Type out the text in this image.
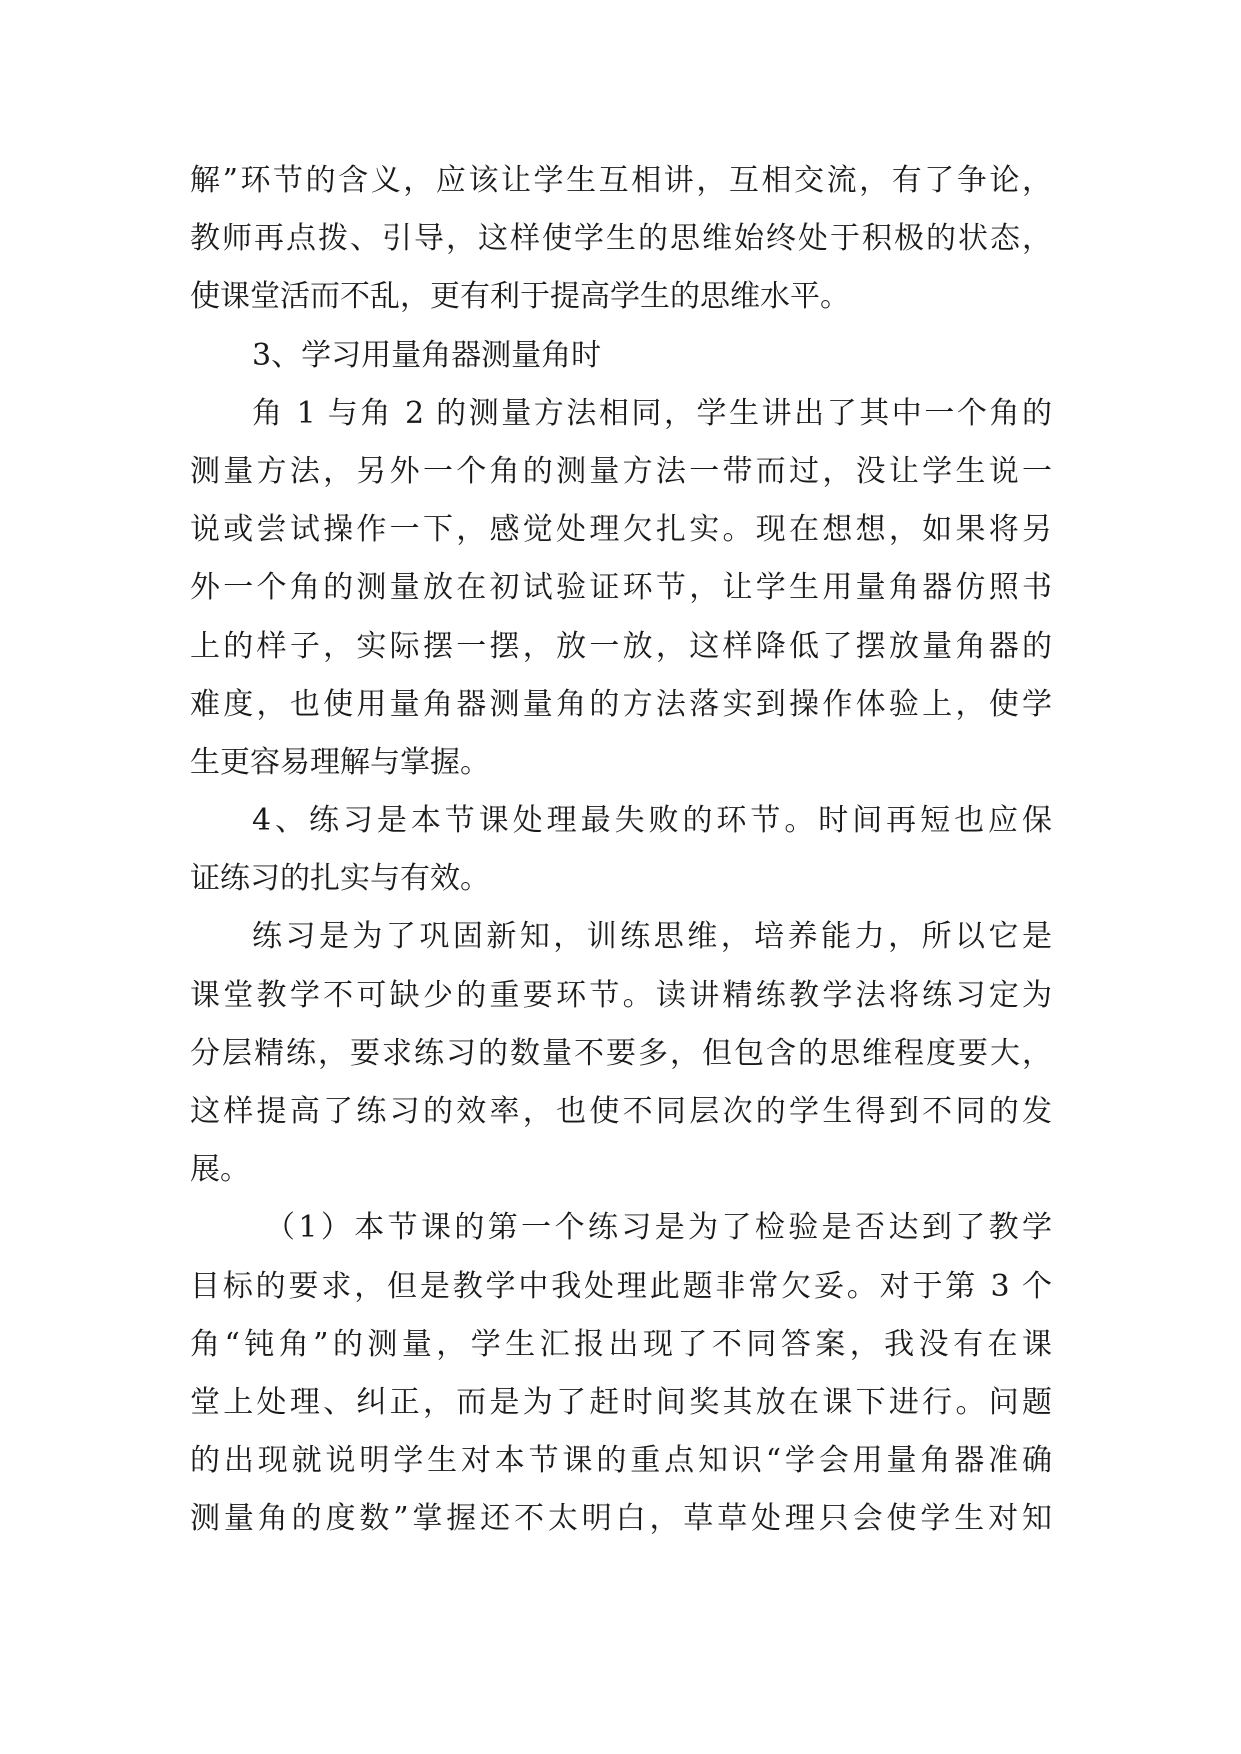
解”环节的含义，应该让学生互相讲，互相交流，有了争论，
教师再点拨、引导，这样使学生的思维始终处于积极的状态，
使课堂活而不乱，更有利于提高学生的思维水平。
3、学习用量角器测量角时
角 1 与角 2 的测量方法相同，学生讲出了其中一个角的
测量方法，另外一个角的测量方法一带而过，没让学生说一
说或尝试操作一下，感觉处理欠扎实。现在想想，如果将另
外一个角的测量放在初试验证环节，让学生用量角器仿照书
上的样子，实际摆一摆，放一放，这样降低了摆放量角器的
难度，也使用量角器测量角的方法落实到操作体验上，使学
生更容易理解与掌握。
4、练习是本节课处理最失败的环节。时间再短也应保
证练习的扎实与有效。
练习是为了巩固新知，训练思维，培养能力，所以它是
课堂教学不可缺少的重要环节。读讲精练教学法将练习定为
分层精练，要求练习的数量不要多，但包含的思维程度要大，
这样提高了练习的效率，也使不同层次的学生得到不同的发
展。
（1）本节课的第一个练习是为了检验是否达到了教学
目标的要求，但是教学中我处理此题非常欠妥。对于第 3 个
角“钝角”的测量，学生汇报出现了不同答案，我没有在课
堂上处理、纠正，而是为了赶时间奖其放在课下进行。问题
的出现就说明学生对本节课的重点知识“学会用量角器准确
测量角的度数”掌握还不太明白，草草处理只会使学生对知
